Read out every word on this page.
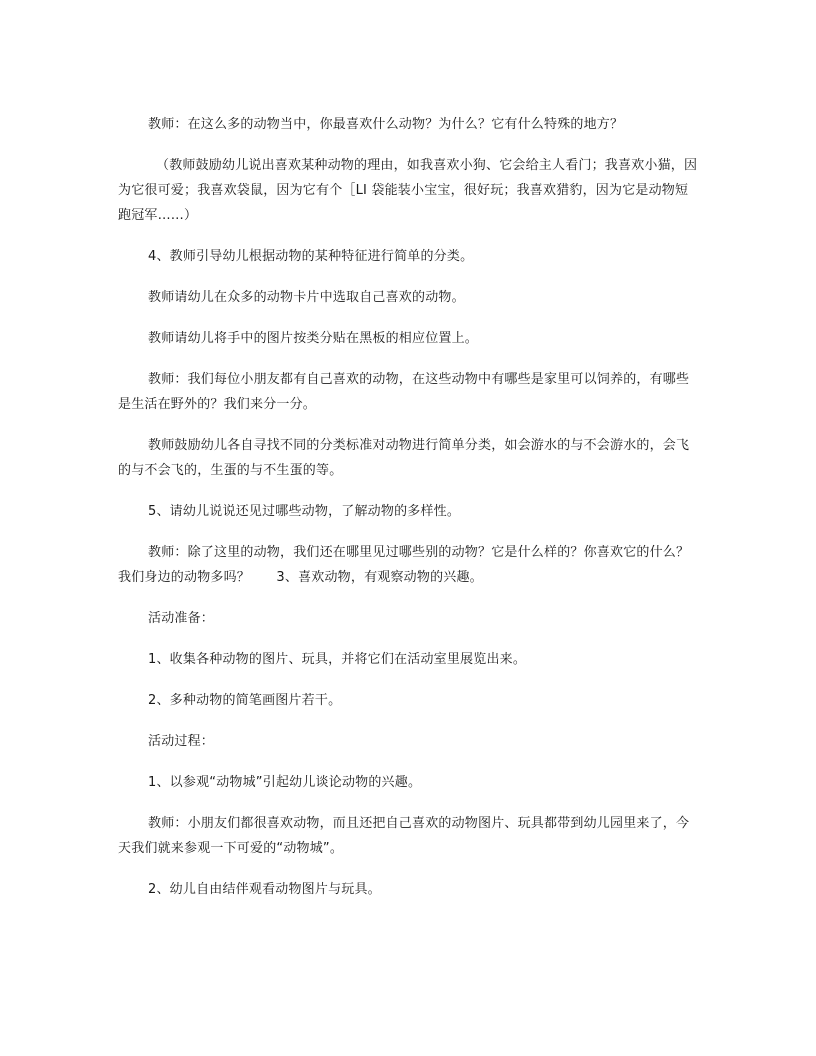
教师：在这么多的动物当中，你最喜欢什么动物？为什么？它有什么特殊的地方？

（教师鼓励幼儿说出喜欢某种动物的理由，如我喜欢小狗、它会给主人看门；我喜欢小猫，因为它很可爱；我喜欢袋鼠，因为它有个［LI 袋能装小宝宝，很好玩；我喜欢猎豹，因为它是动物短跑冠军……）

4、教师引导幼儿根据动物的某种特征进行简单的分类。

教师请幼儿在众多的动物卡片中选取自己喜欢的动物。

教师请幼儿将手中的图片按类分贴在黑板的相应位置上。

教师：我们每位小朋友都有自己喜欢的动物，在这些动物中有哪些是家里可以饲养的，有哪些是生活在野外的？我们来分一分。

教师鼓励幼儿各自寻找不同的分类标准对动物进行简单分类，如会游水的与不会游水的，会飞的与不会飞的，生蛋的与不生蛋的等。

5、请幼儿说说还见过哪些动物，了解动物的多样性。

教师：除了这里的动物，我们还在哪里见过哪些别的动物？它是什么样的？你喜欢它的什么？我们身边的动物多吗？　　3、喜欢动物，有观察动物的兴趣。

活动准备：

1、收集各种动物的图片、玩具，并将它们在活动室里展览出来。

2、多种动物的简笔画图片若干。

活动过程：

1、以参观“动物城”引起幼儿谈论动物的兴趣。

教师：小朋友们都很喜欢动物，而且还把自己喜欢的动物图片、玩具都带到幼儿园里来了，今天我们就来参观一下可爱的“动物城”。

2、幼儿自由结伴观看动物图片与玩具。
